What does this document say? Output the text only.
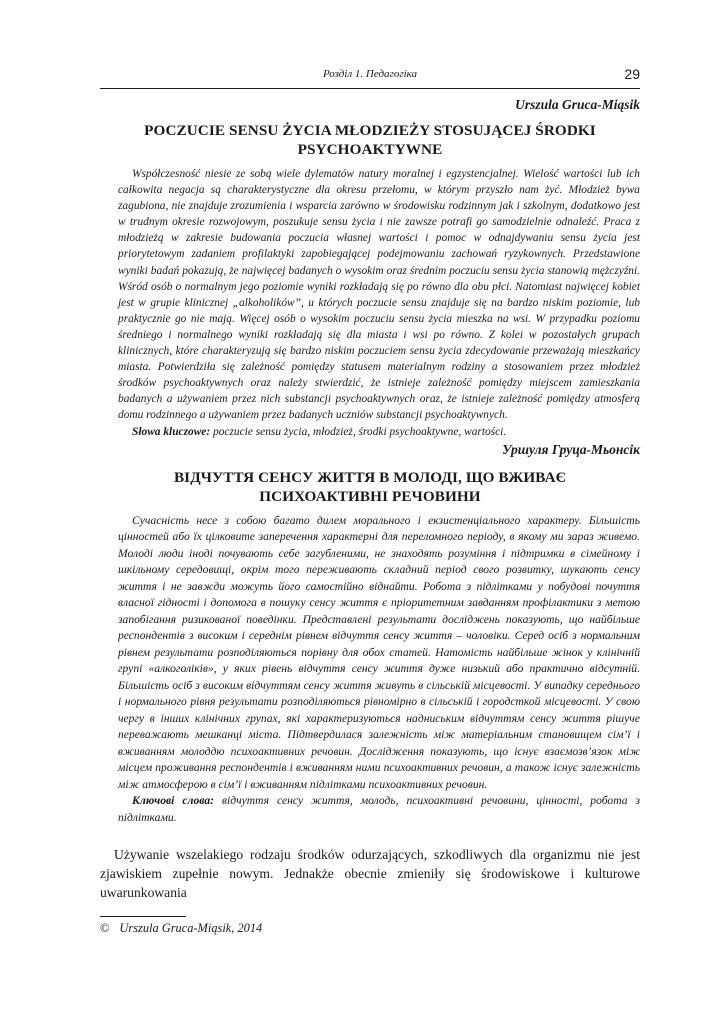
Розділ 1. Педагогіка	29
Urszula Gruca-Miąsik
POCZUCIE SENSU ŻYCIA MŁODZIEŻY STOSUJĄCEJ ŚRODKI PSYCHOAKTYWNE

Współczesność niesie ze sobą wiele dylematów natury moralnej i egzystencjalnej. Wielość wartości lub ich całkowita negacja są charakterystyczne dla okresu przełomu, w którym przyszło nam żyć. Młodzież bywa zagubiona, nie znajduje zrozumienia i wsparcia zarówno w środowisku rodzinnym jak i szkolnym, dodatkowo jest w trudnym okresie rozwojowym, poszukuje sensu życia i nie zawsze potrafi go samodzielnie odnaleźć. Praca z młodzieżą w zakresie budowania poczucia własnej wartości i pomoc w odnajdywaniu sensu życia jest priorytetowym zadaniem profilaktyki zapobiegającej podejmowaniu zachowań ryzykownych. Przedstawione wyniki badań pokazują, że najwięcej badanych o wysokim oraz średnim poczuciu sensu życia stanowią mężczyźni. Wśród osób o normalnym jego poziomie wyniki rozkładają się po równo dla obu płci. Natomiast najwięcej kobiet jest w grupie klinicznej „alkoholików”, u których poczucie sensu znajduje się na bardzo niskim poziomie, lub praktycznie go nie mają. Więcej osób o wysokim poczuciu sensu życia mieszka na wsi. W przypadku poziomu średniego i normalnego wyniki rozkładają się dla miasta i wsi po równo. Z kolei w pozostałych grupach klinicznych, które charakteryzują się bardzo niskim poczuciem sensu życia zdecydowanie przeważają mieszkańcy miasta. Potwierdziła się zależność pomiędzy statusem materialnym rodziny a stosowaniem przez młodzież środków psychoaktywnych oraz należy stwierdzić, że istnieje zależność pomiędzy miejscem zamieszkania badanych a używaniem przez nich substancji psychoaktywnych oraz, że istnieje zależność pomiędzy atmosferą domu rodzinnego a używaniem przez badanych uczniów substancji psychoaktywnych.

Słowa kluczowe: poczucie sensu życia, młodzież, środki psychoaktywne, wartości.
Уршуля Груца-Мьонсік
ВІДЧУТТЯ СЕНСУ ЖИТТЯ В МОЛОДІ, ЩО ВЖИВАЄ ПСИХОАКТИВНІ РЕЧОВИНИ

Сучасність несе з собою багато дилем морального і екзистенціального характеру. Більшість цінностей або їх цілковите заперечення характерні для переломного періоду, в якому ми зараз живемо. Молоді люди іноді почувають себе загубленими, не знаходять розуміння і підтримки в сімейному і шкільному середовищі, окрім того переживають складний період свого розвитку, шукають сенсу життя і не завжди можуть його самостійно віднайти. Робота з підлітками у побудові почуття власної гідності і допомога в пошуку сенсу життя є пріоритетним завданням профілактики з метою запобігання ризикованої поведінки. Представлені результати досліджень показують, що найбільше респондентів з високим і середнім рівнем відчуття сенсу життя – чоловіки. Серед осіб з нормальним рівнем результати розподіляються порівну для обох статей. Натомість найбільше жінок у клінічній групі «алкоголіків», у яких рівень відчуття сенсу життя дуже низький або практично відсутній. Більшість осіб з високим відчуттям сенсу життя живуть в сільській місцевості. У випадку середнього і нормального рівня результати розподіляються рівномірно в сільській і городсткой місцевості. У свою чергу в інших клінічних групах, які характеризуються надниським відчуттям сенсу життя рішуче переважають мешканці міста. Підтвердилася залежність між матеріальним становищем сім’ї і вживанням молоддю психоактивних речовин. Дослідження показують, що існує взаємозв’язок між місцем проживання респондентів і вживанням ними психоактивних речовин, а також існує залежність між атмосферою в сім’ї і вживанням підлітками психоактивних речовин.

Ключові слова: відчуття сенсу життя, молодь, психоактивні речовини, цінності, робота з підлітками.

Używanie wszelakiego rodzaju środków odurzających, szkodliwych dla organizmu nie jest zjawiskiem zupełnie nowym. Jednakże obecnie zmieniły się środowiskowe i kulturowe uwarunkowania

© Urszula Gruca-Miąsik, 2014
